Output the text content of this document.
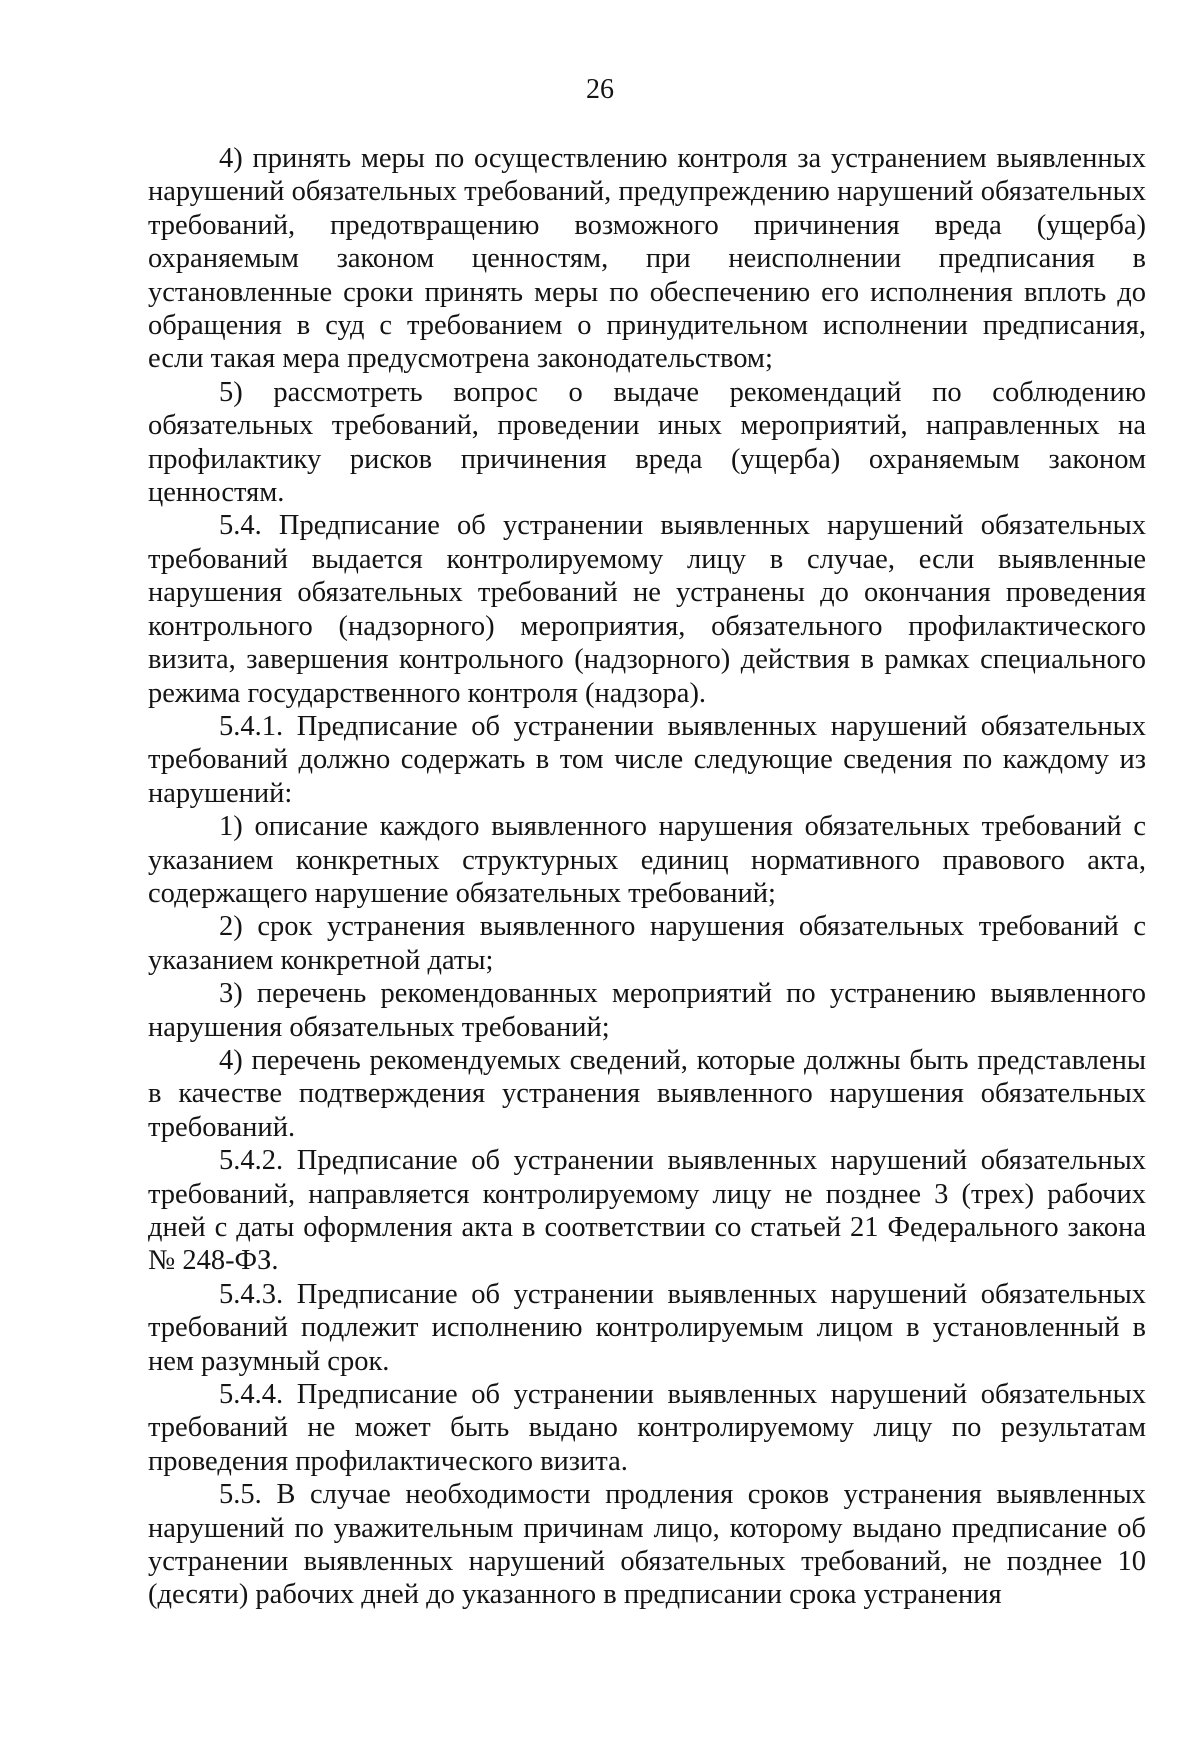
26

4) принять меры по осуществлению контроля за устранением выявленных нарушений обязательных требований, предупреждению нарушений обязательных требований, предотвращению возможного причинения вреда (ущерба) охраняемым законом ценностям, при неисполнении предписания в установленные сроки принять меры по обеспечению его исполнения вплоть до обращения в суд с требованием о принудительном исполнении предписания, если такая мера предусмотрена законодательством;

5) рассмотреть вопрос о выдаче рекомендаций по соблюдению обязательных требований, проведении иных мероприятий, направленных на профилактику рисков причинения вреда (ущерба) охраняемым законом ценностям.

5.4. Предписание об устранении выявленных нарушений обязательных требований выдается контролируемому лицу в случае, если выявленные нарушения обязательных требований не устранены до окончания проведения контрольного (надзорного) мероприятия, обязательного профилактического визита, завершения контрольного (надзорного) действия в рамках специального режима государственного контроля (надзора).

5.4.1. Предписание об устранении выявленных нарушений обязательных требований должно содержать в том числе следующие сведения по каждому из нарушений:

1) описание каждого выявленного нарушения обязательных требований с указанием конкретных структурных единиц нормативного правового акта, содержащего нарушение обязательных требований;

2) срок устранения выявленного нарушения обязательных требований с указанием конкретной даты;

3) перечень рекомендованных мероприятий по устранению выявленного нарушения обязательных требований;

4) перечень рекомендуемых сведений, которые должны быть представлены в качестве подтверждения устранения выявленного нарушения обязательных требований.

5.4.2. Предписание об устранении выявленных нарушений обязательных требований, направляется контролируемому лицу не позднее 3 (трех) рабочих дней с даты оформления акта в соответствии со статьей 21 Федерального закона № 248-ФЗ.

5.4.3. Предписание об устранении выявленных нарушений обязательных требований подлежит исполнению контролируемым лицом в установленный в нем разумный срок.

5.4.4. Предписание об устранении выявленных нарушений обязательных требований не может быть выдано контролируемому лицу по результатам проведения профилактического визита.

5.5. В случае необходимости продления сроков устранения выявленных нарушений по уважительным причинам лицо, которому выдано предписание об устранении выявленных нарушений обязательных требований, не позднее 10 (десяти) рабочих дней до указанного в предписании срока устранения
